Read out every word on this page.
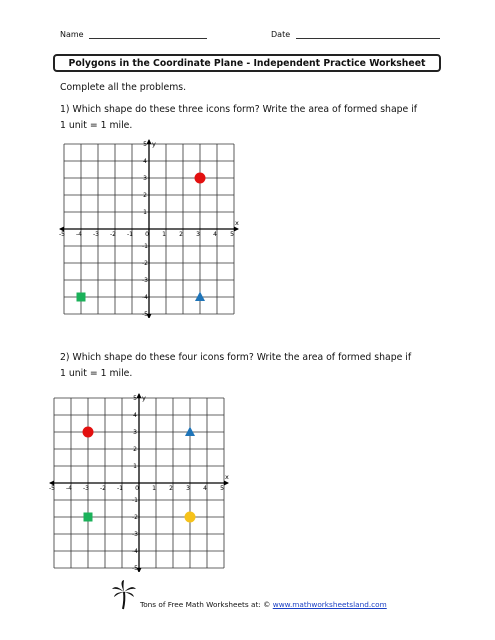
Name	Date
Polygons in the Coordinate Plane - Independent Practice Worksheet
Complete all the problems.
1) Which shape do these three icons form? Write the area of formed shape if
1 unit = 1 mile.
x
y
-5 -4 -3 -2 -1 0 1 2 3 4 5
5
4
3
2
1
-1
-2
-3
-4
-5
2) Which shape do these four icons form? Write the area of formed shape if
1 unit = 1 mile.
x
y
-5 -4 -3 -2 -1 0 1 2 3 4 5
5
4
3
2
1
-1
-2
-3
-4
-5
Tons of Free Math Worksheets at: © www.mathworksheetsland.com
